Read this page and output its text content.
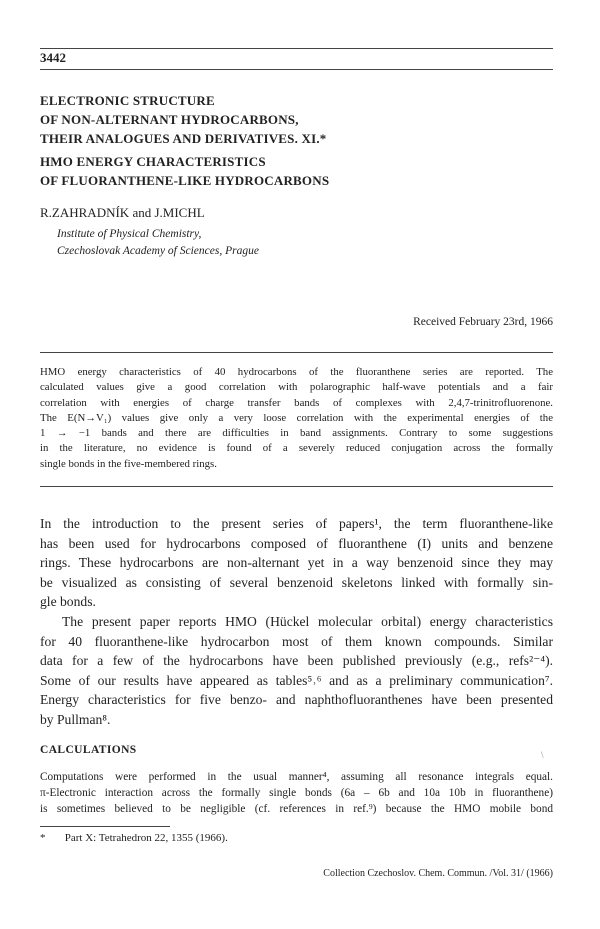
3442
ELECTRONIC STRUCTURE
OF NON-ALTERNANT HYDROCARBONS,
THEIR ANALOGUES AND DERIVATIVES. XI.*
HMO ENERGY CHARACTERISTICS
OF FLUORANTHENE-LIKE HYDROCARBONS
R.ZAHRADNÍK and J.MICHL
Institute of Physical Chemistry,
Czechoslovak Academy of Sciences, Prague
Received February 23rd, 1966
HMO energy characteristics of 40 hydrocarbons of the fluoranthene series are reported. The
calculated values give a good correlation with polarographic half-wave potentials and a fair
correlation with energies of charge transfer bands of complexes with 2,4,7-trinitrofluorenone.
The E(N→V₁) values give only a very loose correlation with the experimental energies of the
1 → −1 bands and there are difficulties in band assignments. Contrary to some suggestions
in the literature, no evidence is found of a severely reduced conjugation across the formally
single bonds in the five-membered rings.
In the introduction to the present series of papers¹, the term fluoranthene-like
has been used for hydrocarbons composed of fluoranthene (I) units and benzene
rings. These hydrocarbons are non-alternant yet in a way benzenoid since they may
be visualized as consisting of several benzenoid skeletons linked with formally sin-
gle bonds.
The present paper reports HMO (Hückel molecular orbital) energy characteristics
for 40 fluoranthene-like hydrocarbon most of them known compounds. Similar
data for a few of the hydrocarbons have been published previously (e.g., refs²⁻⁴).
Some of our results have appeared as tables⁵˒⁶ and as a preliminary communication⁷.
Energy characteristics for five benzo- and naphthofluoranthenes have been presented
by Pullman⁸.
CALCULATIONS	\
Computations were performed in the usual manner⁴, assuming all resonance integrals equal.
π-Electronic interaction across the formally single bonds (6a – 6b and 10a 10b in fluoranthene)
is sometimes believed to be negligible (cf. references in ref.⁹) because the HMO mobile bond
* Part X: Tetrahedron 22, 1355 (1966).
Collection Czechoslov. Chem. Commun. /Vol. 31/ (1966)
